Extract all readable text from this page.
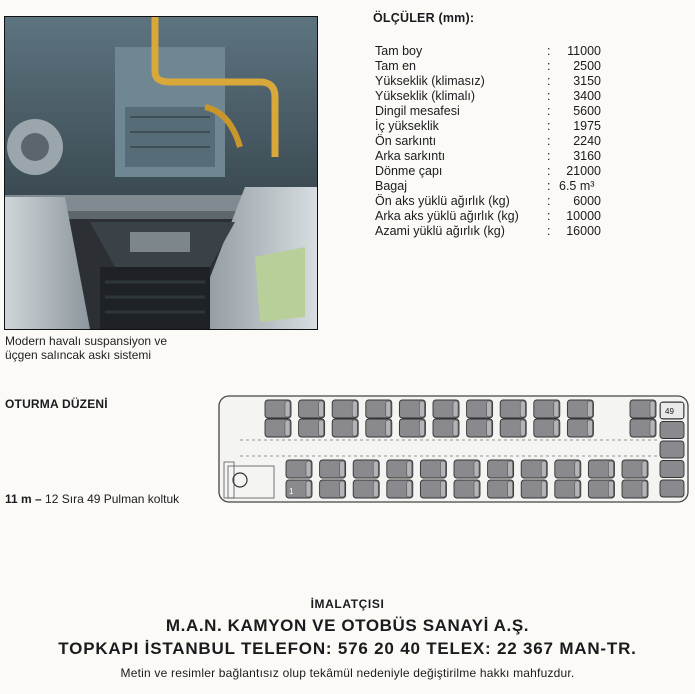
Modern havalı suspansiyon ve
üçgen salıncak askı sistemi
ÖLÇÜLER (mm):
Tam boy	:	11000
Tam en	:	2500
Yükseklik (klimasız)	:	3150
Yükseklik (klimalı)	:	3400
Dingil mesafesi	:	5600
İç yükseklik	:	1975
Ön sarkıntı	:	2240
Arka sarkıntı	:	3160
Dönme çapı	:	21000
Bagaj	: 6.5 m³
Ön aks yüklü ağırlık (kg)	:	6000
Arka aks yüklü ağırlık (kg) :	10000
Azami yüklü ağırlık (kg)	:	16000
OTURMA DÜZENİ
11 m – 12 Sıra 49 Pulman koltuk
49
1
İMALATÇISI
M.A.N. KAMYON VE OTOBÜS SANAYİ A.Ş.
TOPKAPI İSTANBUL TELEFON: 576 20 40 TELEX: 22 367 MAN-TR.
Metin ve resimler bağlantısız olup tekâmül nedeniyle değiştirilme hakkı mahfuzdur.
